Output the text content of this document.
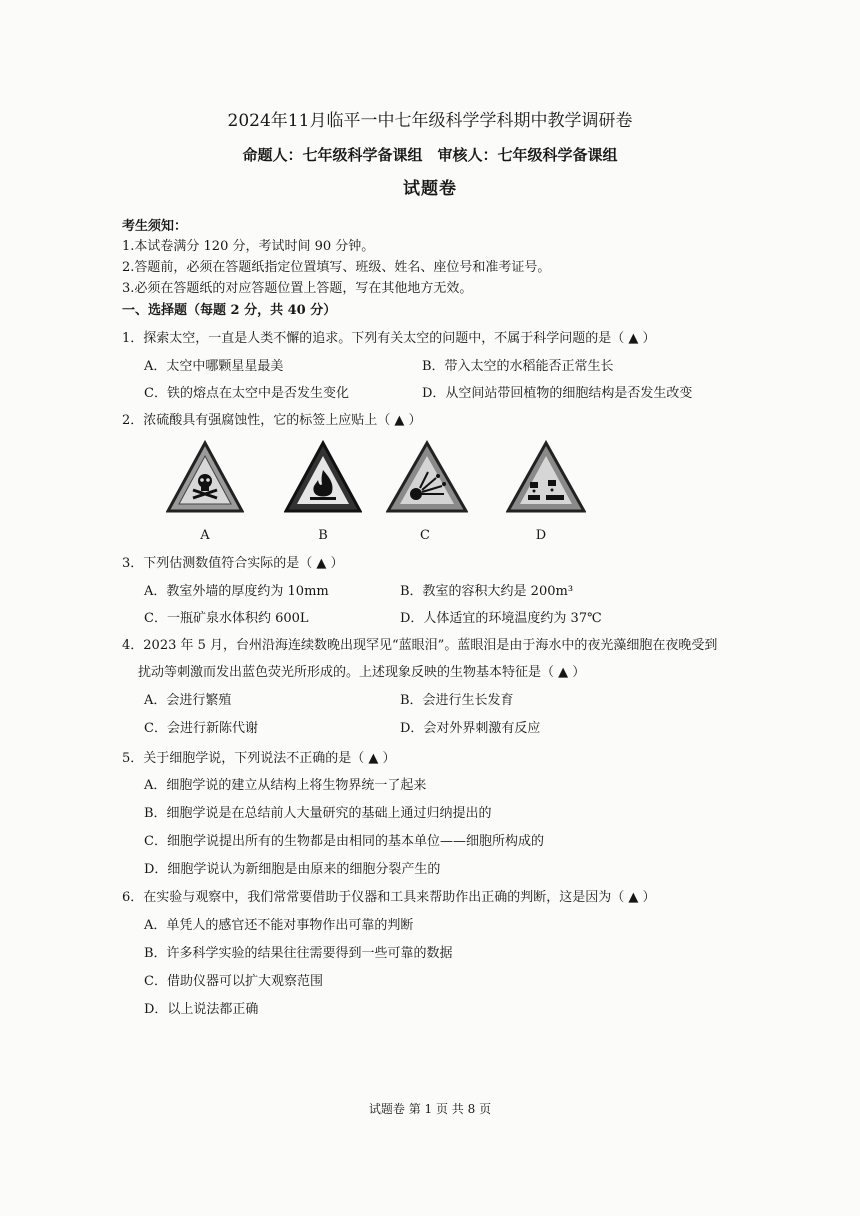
2024年11月临平一中七年级科学学科期中教学调研卷
命题人：七年级科学备课组　审核人：七年级科学备课组
试题卷
考生须知：
1.本试卷满分 120 分，考试时间 90 分钟。
2.答题前，必须在答题纸指定位置填写、班级、姓名、座位号和准考证号。
3.必须在答题纸的对应答题位置上答题，写在其他地方无效。
一、选择题（每题 2 分，共 40 分）
1．探索太空，一直是人类不懈的追求。下列有关太空的问题中，不属于科学问题的是（ ▲ ）
A．太空中哪颗星星最美	B．带入太空的水稻能否正常生长
C．铁的熔点在太空中是否发生变化	D．从空间站带回植物的细胞结构是否发生改变
2．浓硫酸具有强腐蚀性，它的标签上应贴上（ ▲ ）
A	B	C	D
3．下列估测数值符合实际的是（ ▲ ）
A．教室外墙的厚度约为 10mm	B．教室的容积大约是 200m³
C．一瓶矿泉水体积约 600L	D．人体适宜的环境温度约为 37℃
4．2023 年 5 月，台州沿海连续数晚出现罕见“蓝眼泪”。蓝眼泪是由于海水中的夜光藻细胞在夜晚受到
扰动等刺激而发出蓝色荧光所形成的。上述现象反映的生物基本特征是（ ▲ ）
A．会进行繁殖	B．会进行生长发育
C．会进行新陈代谢	D．会对外界刺激有反应
5．关于细胞学说，下列说法不正确的是（ ▲ ）
A．细胞学说的建立从结构上将生物界统一了起来
B．细胞学说是在总结前人大量研究的基础上通过归纳提出的
C．细胞学说提出所有的生物都是由相同的基本单位——细胞所构成的
D．细胞学说认为新细胞是由原来的细胞分裂产生的
6．在实验与观察中，我们常常要借助于仪器和工具来帮助作出正确的判断，这是因为（ ▲ ）
A．单凭人的感官还不能对事物作出可靠的判断
B．许多科学实验的结果往往需要得到一些可靠的数据
C．借助仪器可以扩大观察范围
D．以上说法都正确
试题卷 第 1 页 共 8 页
